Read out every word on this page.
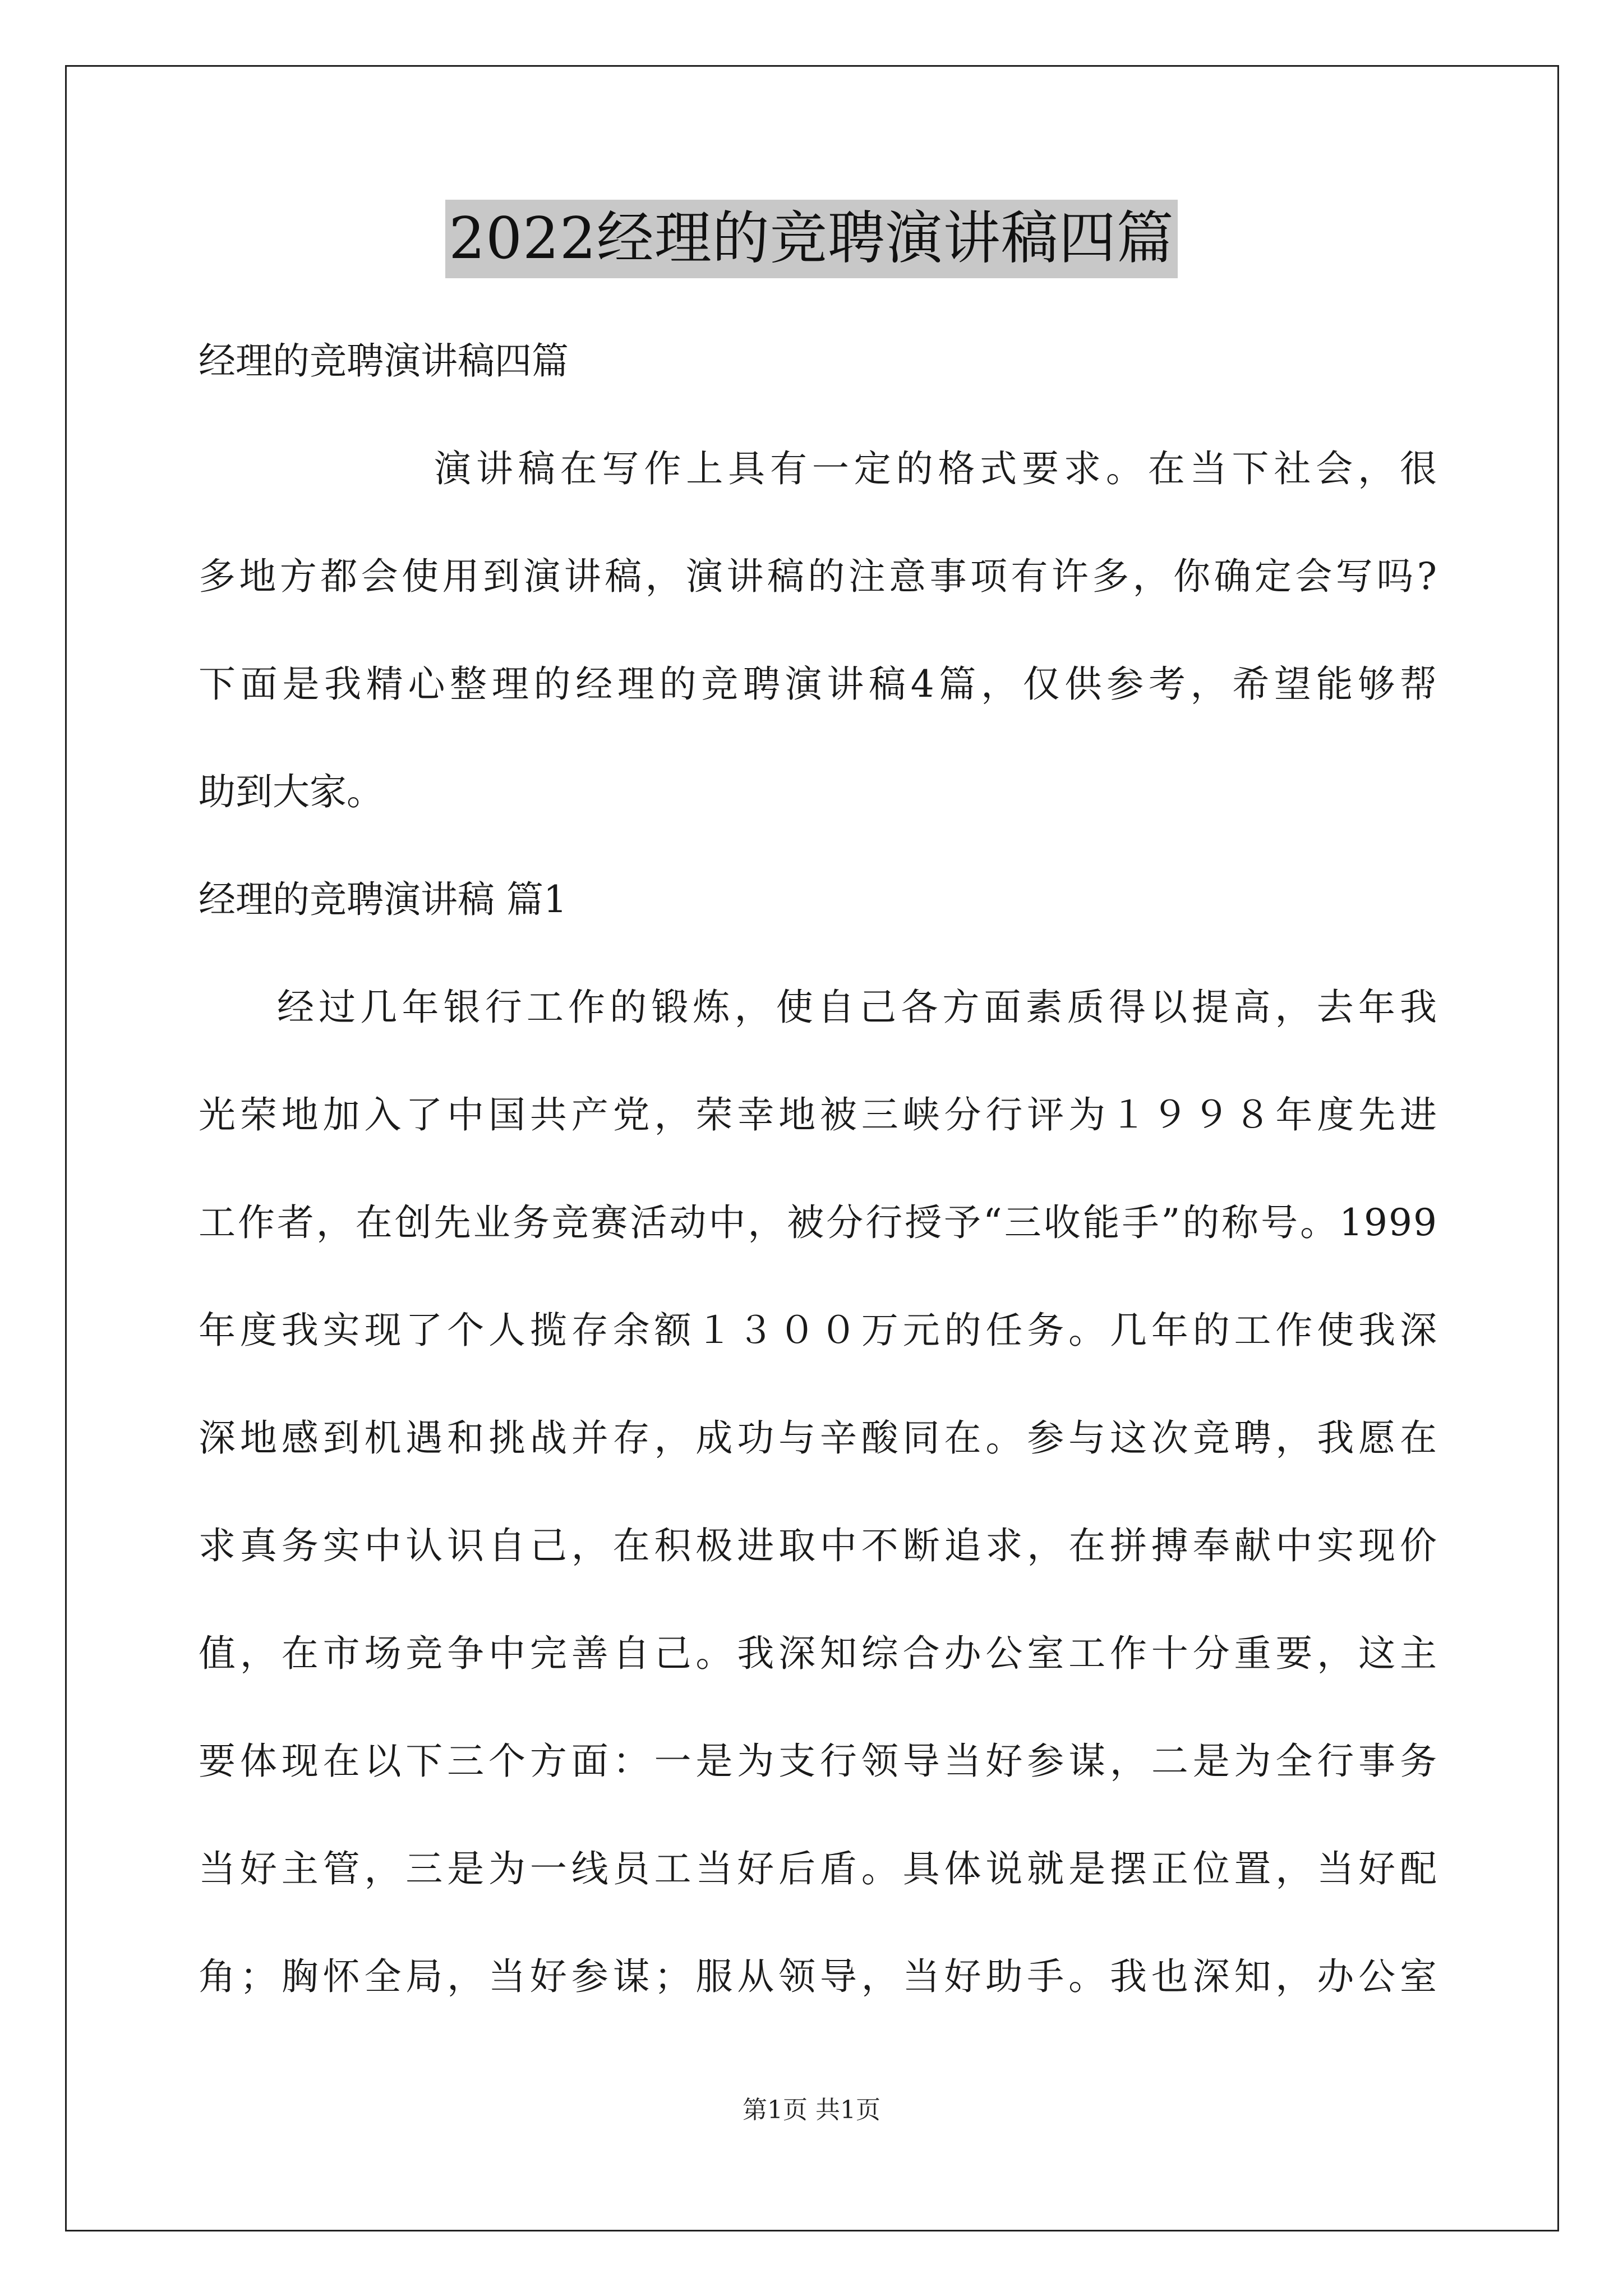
2022经理的竞聘演讲稿四篇
经理的竞聘演讲稿四篇
演讲稿在写作上具有一定的格式要求。在当下社会，很
多地方都会使用到演讲稿，演讲稿的注意事项有许多，你确定会写吗?
下面是我精心整理的经理的竞聘演讲稿4篇，仅供参考，希望能够帮
助到大家。
经理的竞聘演讲稿 篇1
经过几年银行工作的锻炼，使自己各方面素质得以提高，去年我
光荣地加入了中国共产党，荣幸地被三峡分行评为１９９８年度先进
工作者，在创先业务竞赛活动中，被分行授予“三收能手”的称号。1999
年度我实现了个人揽存余额１３００万元的任务。几年的工作使我深
深地感到机遇和挑战并存，成功与辛酸同在。参与这次竞聘，我愿在
求真务实中认识自己，在积极进取中不断追求，在拼搏奉献中实现价
值，在市场竞争中完善自己。我深知综合办公室工作十分重要，这主
要体现在以下三个方面：一是为支行领导当好参谋，二是为全行事务
当好主管，三是为一线员工当好后盾。具体说就是摆正位置，当好配
角；胸怀全局，当好参谋；服从领导，当好助手。我也深知，办公室
第1页 共1页
